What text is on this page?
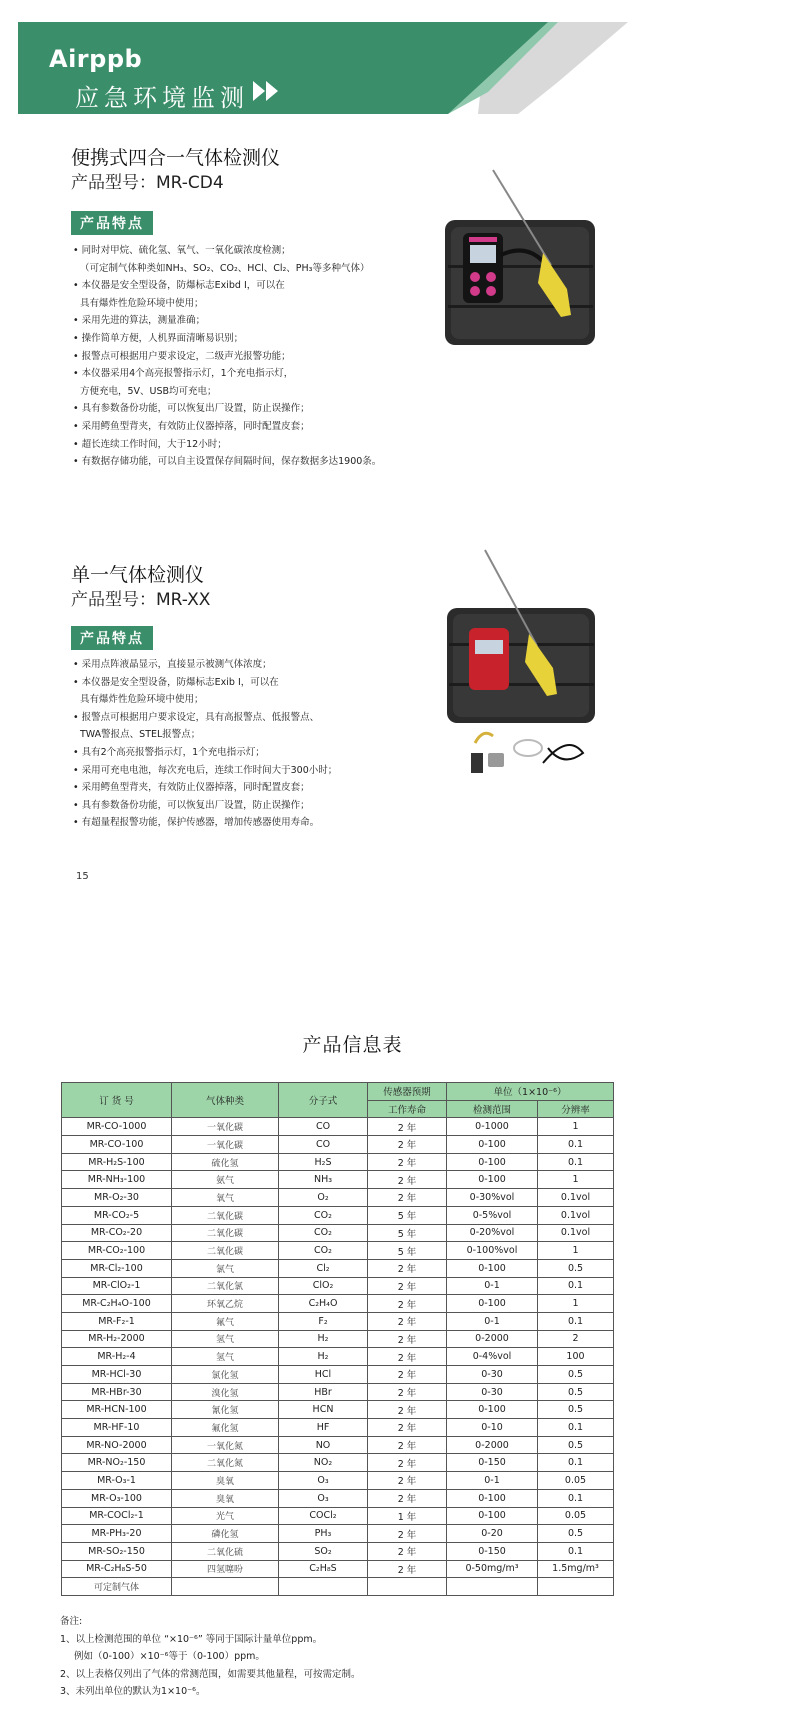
Airppb
应急环境监测
便携式四合一气体检测仪
产品型号：MR-CD4
产品特点
• 同时对甲烷、硫化氢、氧气、一氧化碳浓度检测；
（可定制气体种类如NH₃、SO₂、CO₂、HCl、Cl₂、PH₃等多种气体）
• 本仪器是安全型设备，防爆标志Exibd I，可以在
具有爆炸性危险环境中使用；
• 采用先进的算法，测量准确；
• 操作简单方便，人机界面清晰易识别；
• 报警点可根据用户要求设定，二级声光报警功能；
• 本仪器采用4个高亮报警指示灯，1个充电指示灯，
方便充电，5V、USB均可充电；
• 具有参数备份功能，可以恢复出厂设置，防止误操作；
• 采用鳄鱼型背夹，有效防止仪器掉落，同时配置皮套；
• 超长连续工作时间，大于12小时；
• 有数据存储功能，可以自主设置保存间隔时间，保存数据多达1900条。
单一气体检测仪
产品型号：MR-XX
产品特点
• 采用点阵液晶显示，直接显示被测气体浓度；
• 本仪器是安全型设备，防爆标志Exib I，可以在
具有爆炸性危险环境中使用；
• 报警点可根据用户要求设定，具有高报警点、低报警点、
TWA警报点、STEL报警点；
• 具有2个高亮报警指示灯，1个充电指示灯；
• 采用可充电电池，每次充电后，连续工作时间大于300小时；
• 采用鳄鱼型背夹，有效防止仪器掉落，同时配置皮套；
• 具有参数备份功能，可以恢复出厂设置，防止误操作；
• 有超量程报警功能，保护传感器，增加传感器使用寿命。
15
产品信息表
订 货 号	气体种类	分子式	传感器预期	单位（1×10⁻⁶）	
			工作寿命	检测范围	分辨率
MR-CO-1000	一氧化碳	CO	2 年	0-1000	1
MR-CO-100	一氧化碳	CO	2 年	0-100	0.1
MR-H₂S-100	硫化氢	H₂S	2 年	0-100	0.1
MR-NH₃-100	氨气	NH₃	2 年	0-100	1
MR-O₂-30	氧气	O₂	2 年	0-30%vol	0.1vol
MR-CO₂-5	二氧化碳	CO₂	5 年	0-5%vol	0.1vol
MR-CO₂-20	二氧化碳	CO₂	5 年	0-20%vol	0.1vol
MR-CO₂-100	二氧化碳	CO₂	5 年	0-100%vol	1
MR-Cl₂-100	氯气	Cl₂	2 年	0-100	0.5
MR-ClO₂-1	二氧化氯	ClO₂	2 年	0-1	0.1
MR-C₂H₄O-100	环氧乙烷	C₂H₄O	2 年	0-100	1
MR-F₂-1	氟气	F₂	2 年	0-1	0.1
MR-H₂-2000	氢气	H₂	2 年	0-2000	2
MR-H₂-4	氢气	H₂	2 年	0-4%vol	100
MR-HCl-30	氯化氢	HCl	2 年	0-30	0.5
MR-HBr-30	溴化氢	HBr	2 年	0-30	0.5
MR-HCN-100	氰化氢	HCN	2 年	0-100	0.5
MR-HF-10	氟化氢	HF	2 年	0-10	0.1
MR-NO-2000	一氧化氮	NO	2 年	0-2000	0.5
MR-NO₂-150	二氧化氮	NO₂	2 年	0-150	0.1
MR-O₃-1	臭氧	O₃	2 年	0-1	0.05
MR-O₃-100	臭氧	O₃	2 年	0-100	0.1
MR-COCl₂-1	光气	COCl₂	1 年	0-100	0.05
MR-PH₃-20	磷化氢	PH₃	2 年	0-20	0.5
MR-SO₂-150	二氧化硫	SO₂	2 年	0-150	0.1
MR-C₂H₈S-50	四氢噻吩	C₂H₈S	2 年	0-50mg/m³	1.5mg/m³
可定制气体					
备注:
1、以上检测范围的单位 “×10⁻⁶” 等同于国际计量单位ppm。
例如（0-100）×10⁻⁶等于（0-100）ppm。
2、以上表格仅列出了气体的常测范围，如需要其他量程，可按需定制。
3、未列出单位的默认为1×10⁻⁶。
